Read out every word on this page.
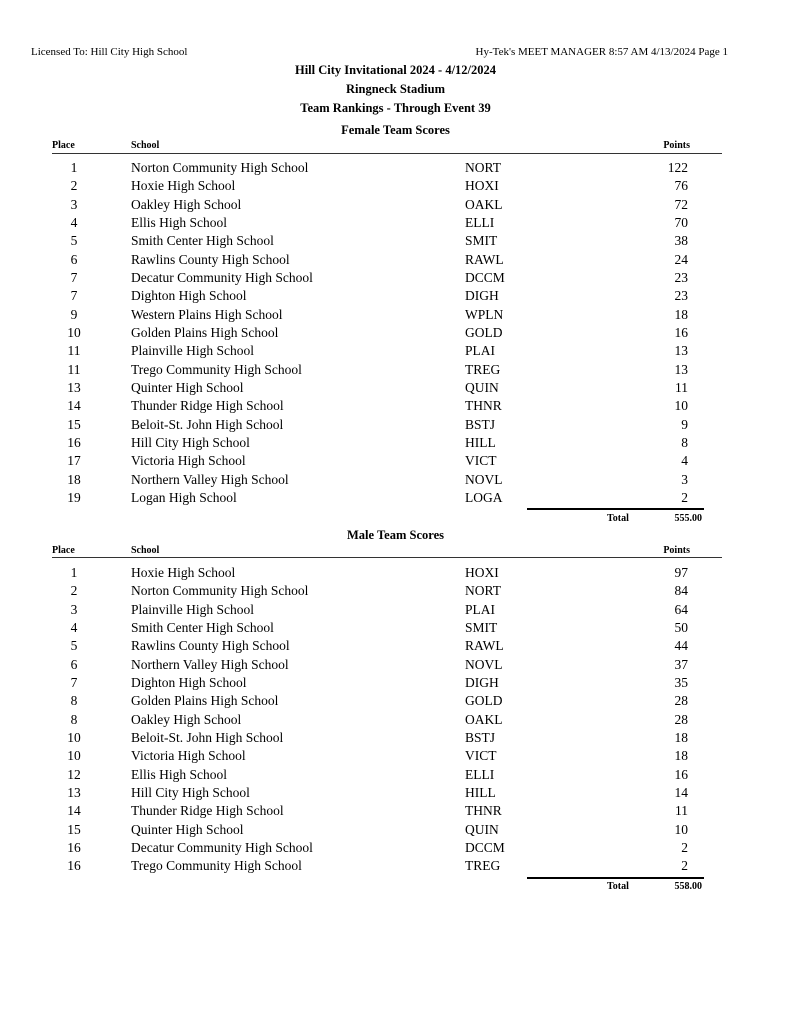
Licensed To: Hill City High School	Hy-Tek's MEET MANAGER 8:57 AM 4/13/2024 Page 1
Hill City Invitational 2024 - 4/12/2024
Ringneck Stadium
Team Rankings - Through Event 39
Female Team Scores
Place	School	Points
1	Norton Community High School	NORT	122
2	Hoxie High School	HOXI	76
3	Oakley High School	OAKL	72
4	Ellis High School	ELLI	70
5	Smith Center High School	SMIT	38
6	Rawlins County High School	RAWL	24
7	Decatur Community High School	DCCM	23
7	Dighton High School	DIGH	23
9	Western Plains High School	WPLN	18
10	Golden Plains High School	GOLD	16
11	Plainville High School	PLAI	13
11	Trego Community High School	TREG	13
13	Quinter High School	QUIN	11
14	Thunder Ridge High School	THNR	10
15	Beloit-St. John High School	BSTJ	9
16	Hill City High School	HILL	8
17	Victoria High School	VICT	4
18	Northern Valley High School	NOVL	3
19	Logan High School	LOGA	2
Total	555.00
Male Team Scores
Place	School	Points
1	Hoxie High School	HOXI	97
2	Norton Community High School	NORT	84
3	Plainville High School	PLAI	64
4	Smith Center High School	SMIT	50
5	Rawlins County High School	RAWL	44
6	Northern Valley High School	NOVL	37
7	Dighton High School	DIGH	35
8	Golden Plains High School	GOLD	28
8	Oakley High School	OAKL	28
10	Beloit-St. John High School	BSTJ	18
10	Victoria High School	VICT	18
12	Ellis High School	ELLI	16
13	Hill City High School	HILL	14
14	Thunder Ridge High School	THNR	11
15	Quinter High School	QUIN	10
16	Decatur Community High School	DCCM	2
16	Trego Community High School	TREG	2
Total	558.00
